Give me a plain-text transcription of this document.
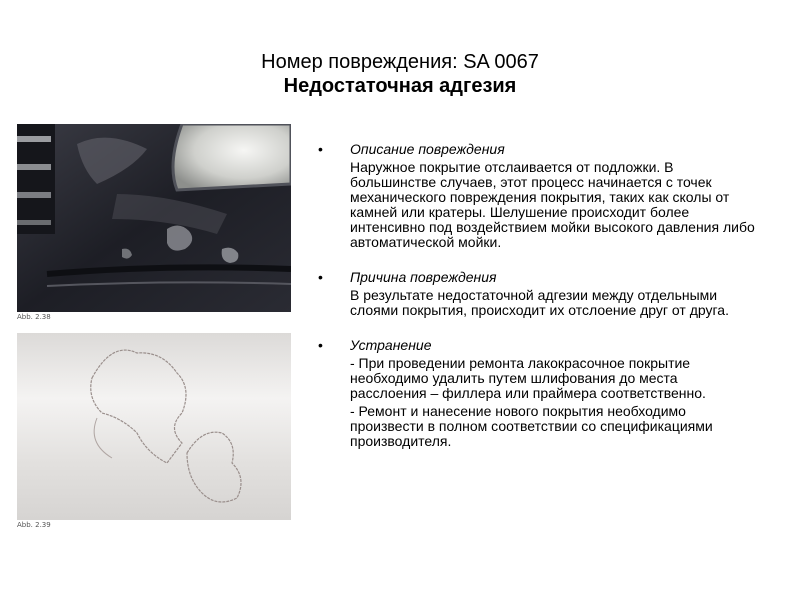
Номер повреждения: SA 0067
Недостаточная адгезия
Abb. 2.38
Abb. 2.39
• Описание повреждения

Наружное покрытие отслаивается от подложки. В большинстве случаев, этот процесс начинается с точек механического повреждения покрытия, таких как сколы от камней или кратеры. Шелушение происходит более интенсивно под воздействием мойки высокого давления либо автоматической мойки.

• Причина повреждения

В результате недостаточной адгезии между отдельными слоями покрытия, происходит их отслоение друг от друга.

• Устранение

- При проведении ремонта лакокрасочное покрытие необходимо удалить путем шлифования до места расслоения – филлера или праймера соответственно.

- Ремонт и нанесение нового покрытия необходимо произвести в полном соответствии со спецификациями производителя.
